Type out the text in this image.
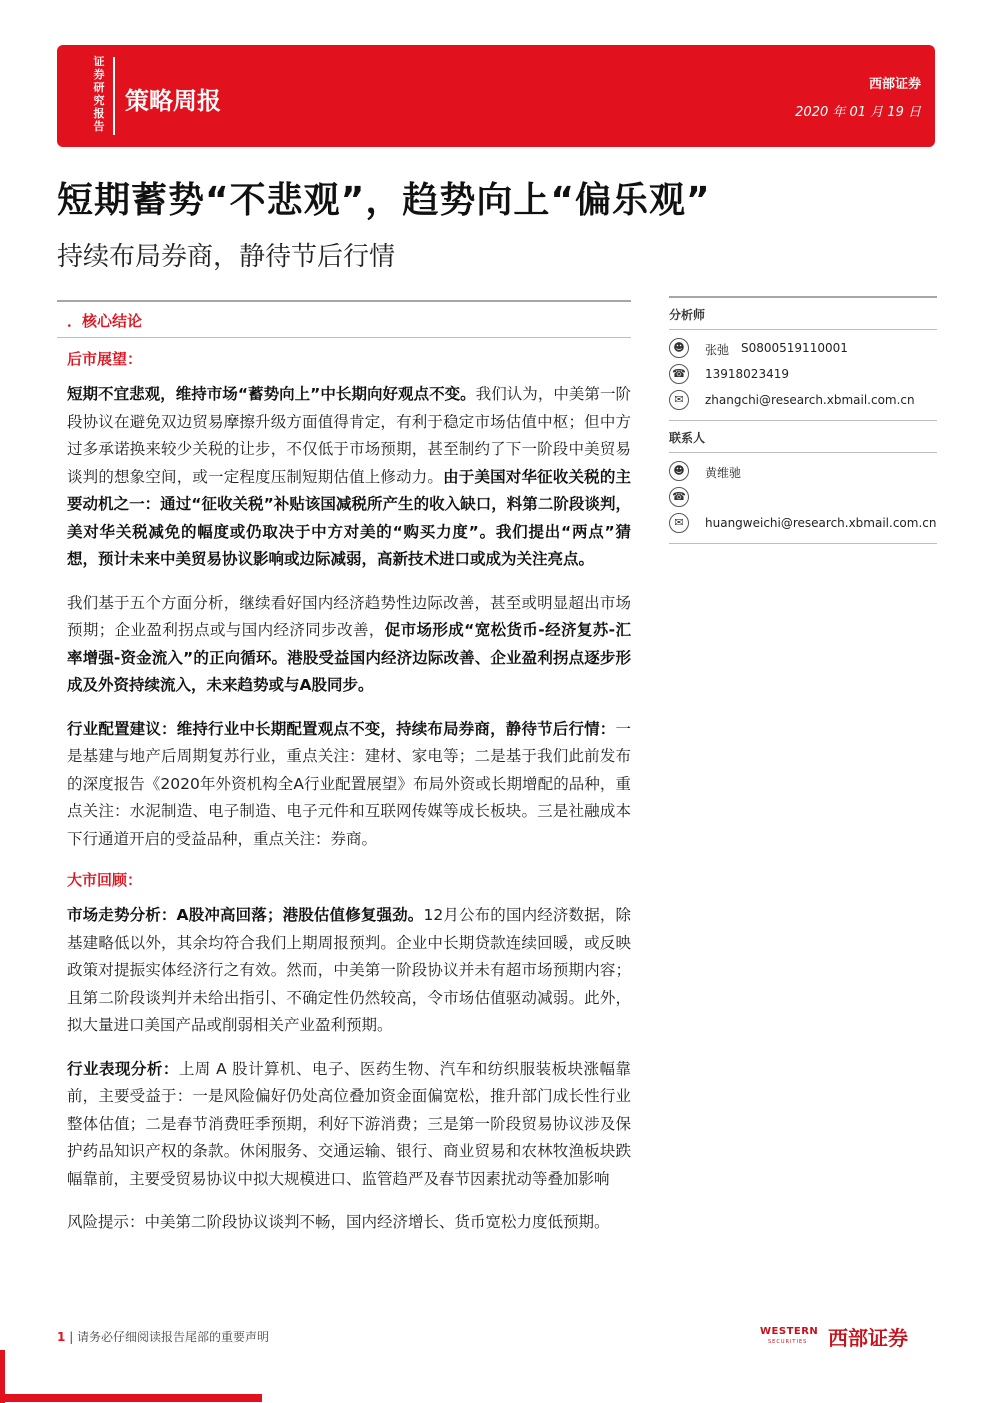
证券研究报告
策略周报
西部证券
2020 年 01 月 19 日
短期蓄势“不悲观”，趋势向上“偏乐观”
持续布局券商，静待节后行情
．核心结论
后市展望：

短期不宜悲观，维持市场“蓄势向上”中长期向好观点不变。我们认为，中美第一阶段协议在避免双边贸易摩擦升级方面值得肯定，有利于稳定市场估值中枢；但中方过多承诺换来较少关税的让步，不仅低于市场预期，甚至制约了下一阶段中美贸易谈判的想象空间，或一定程度压制短期估值上修动力。由于美国对华征收关税的主要动机之一：通过“征收关税”补贴该国减税所产生的收入缺口，料第二阶段谈判，美对华关税减免的幅度或仍取决于中方对美的“购买力度”。我们提出“两点”猜想，预计未来中美贸易协议影响或边际减弱，高新技术进口或成为关注亮点。

我们基于五个方面分析，继续看好国内经济趋势性边际改善，甚至或明显超出市场预期；企业盈利拐点或与国内经济同步改善，促市场形成“宽松货币-经济复苏-汇率增强-资金流入”的正向循环。港股受益国内经济边际改善、企业盈利拐点逐步形成及外资持续流入，未来趋势或与A股同步。

行业配置建议：维持行业中长期配置观点不变，持续布局券商，静待节后行情：一是基建与地产后周期复苏行业，重点关注：建材、家电等；二是基于我们此前发布的深度报告《2020年外资机构全A行业配置展望》布局外资或长期增配的品种，重点关注：水泥制造、电子制造、电子元件和互联网传媒等成长板块。三是社融成本下行通道开启的受益品种，重点关注：券商。

大市回顾：

市场走势分析：A股冲高回落；港股估值修复强劲。12月公布的国内经济数据，除基建略低以外，其余均符合我们上期周报预判。企业中长期贷款连续回暖，或反映政策对提振实体经济行之有效。然而，中美第一阶段协议并未有超市场预期内容；且第二阶段谈判并未给出指引、不确定性仍然较高，令市场估值驱动减弱。此外，拟大量进口美国产品或削弱相关产业盈利预期。

行业表现分析：上周 A 股计算机、电子、医药生物、汽车和纺织服装板块涨幅靠前，主要受益于：一是风险偏好仍处高位叠加资金面偏宽松，推升部门成长性行业整体估值；二是春节消费旺季预期，利好下游消费；三是第一阶段贸易协议涉及保护药品知识产权的条款。休闲服务、交通运输、银行、商业贸易和农林牧渔板块跌幅靠前，主要受贸易协议中拟大规模进口、监管趋严及春节因素扰动等叠加影响

风险提示：中美第二阶段协议谈判不畅，国内经济增长、货币宽松力度低预期。

分析师
☻	张弛 S0800519110001
☎ 13918023419
✉	zhangchi@research.xbmail.com.cn
联系人
☻	黄维驰
☎
✉	huangweichi@research.xbmail.com.cn
1 | 请务必仔细阅读报告尾部的重要声明	WESTERN
SECURITIES 西部证券
